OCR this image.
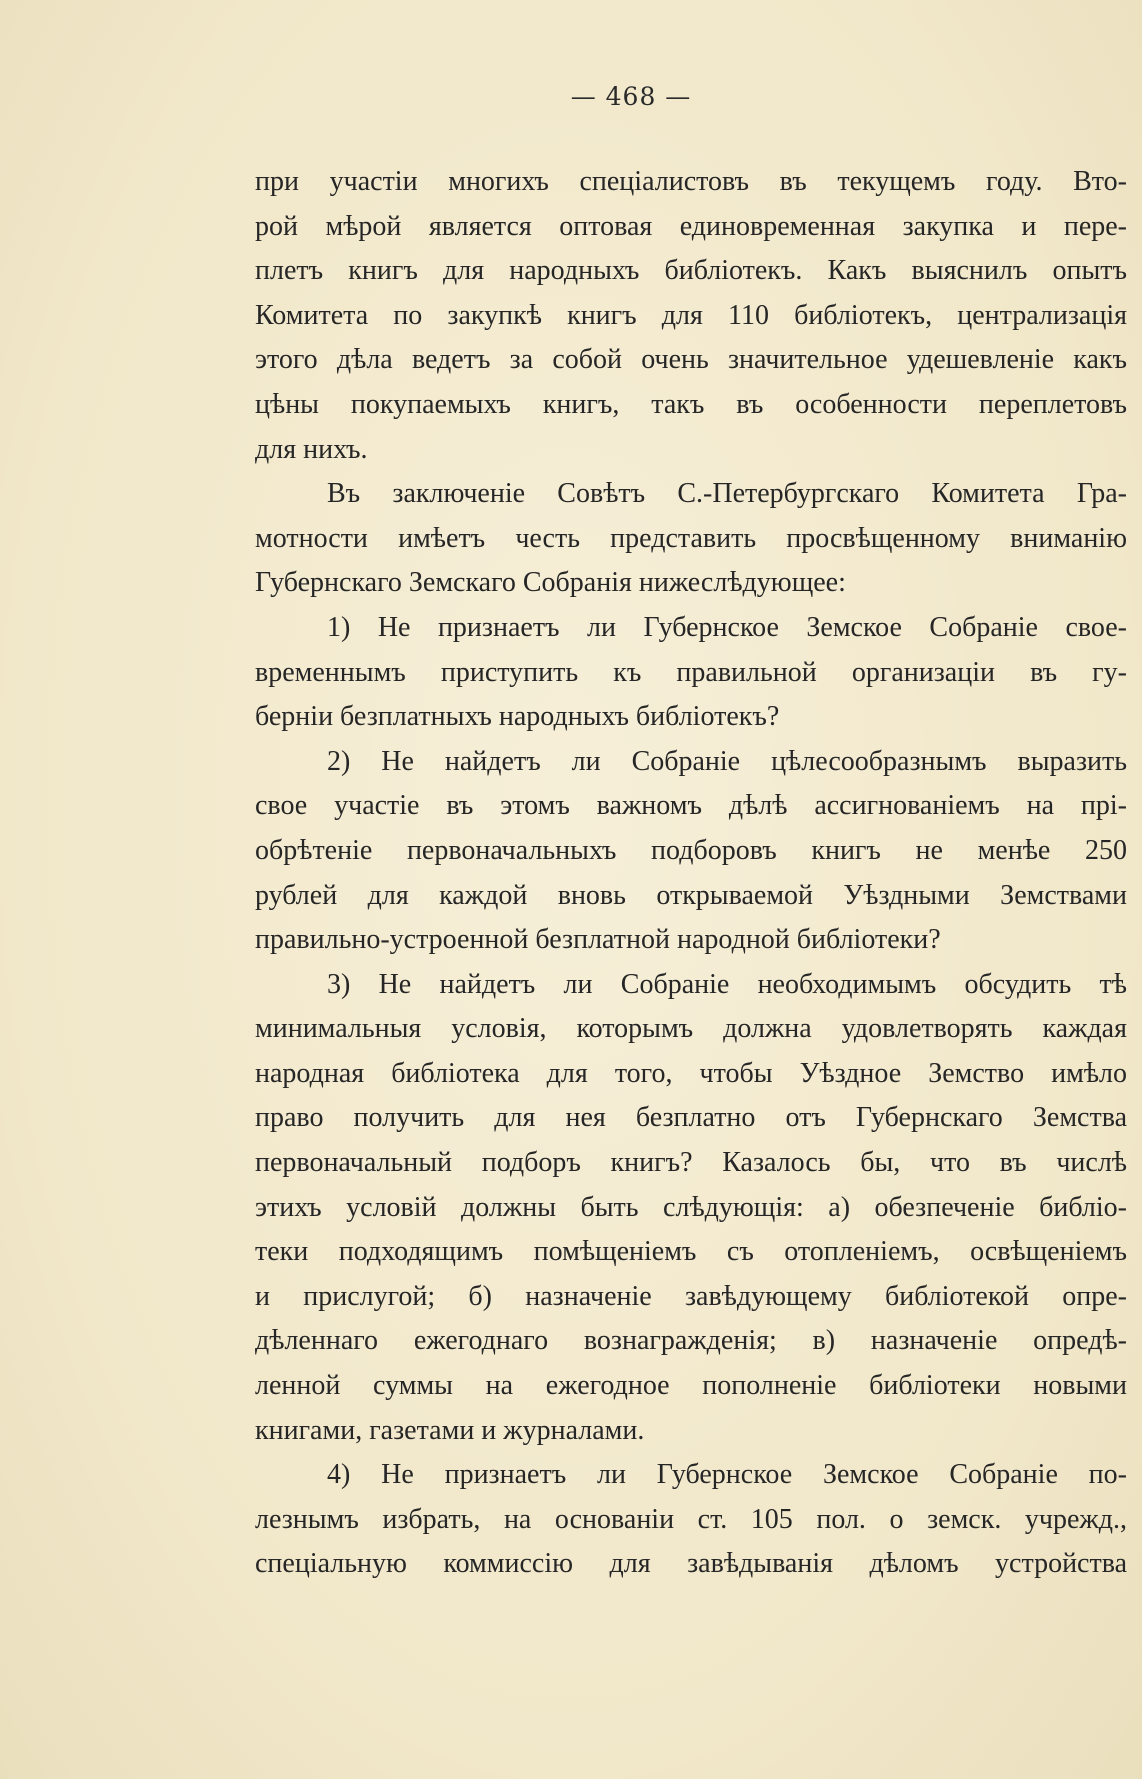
— 468 —
при участіи многихъ спеціалистовъ въ текущемъ году. Вто-
рой мѣрой является оптовая единовременная закупка и пере-
плетъ книгъ для народныхъ библіотекъ. Какъ выяснилъ опытъ
Комитета по закупкѣ книгъ для 110 библіотекъ, централизація
этого дѣла ведетъ за собой очень значительное удешевленіе какъ
цѣны покупаемыхъ книгъ, такъ въ особенности переплетовъ
для нихъ.
Въ заключеніе Совѣтъ С.-Петербургскаго Комитета Гра-
мотности имѣетъ честь представить просвѣщенному вниманію
Губернскаго Земскаго Собранія нижеслѣдующее:
1) Не признаетъ ли Губернское Земское Собраніе свое-
временнымъ приступить къ правильной организаціи въ гу-
берніи безплатныхъ народныхъ библіотекъ?
2) Не найдетъ ли Собраніе цѣлесообразнымъ выразить
свое участіе въ этомъ важномъ дѣлѣ ассигнованіемъ на прі-
обрѣтеніе первоначальныхъ подборовъ книгъ не менѣе 250
рублей для каждой вновь открываемой Уѣздными Земствами
правильно-устроенной безплатной народной библіотеки?
3) Не найдетъ ли Собраніе необходимымъ обсудить тѣ
минимальныя условія, которымъ должна удовлетворять каждая
народная библіотека для того, чтобы Уѣздное Земство имѣло
право получить для нея безплатно отъ Губернскаго Земства
первоначальный подборъ книгъ? Казалось бы, что въ числѣ
этихъ условій должны быть слѣдующія: а) обезпеченіе библіо-
теки подходящимъ помѣщеніемъ съ отопленіемъ, освѣщеніемъ
и прислугой; б) назначеніе завѣдующему библіотекой опре-
дѣленнаго ежегоднаго вознагражденія; в) назначеніе опредѣ-
ленной суммы на ежегодное пополненіе библіотеки новыми
книгами, газетами и журналами.
4) Не признаетъ ли Губернское Земское Собраніе по-
лезнымъ избрать, на основаніи ст. 105 пол. о земск. учрежд.,
спеціальную коммиссію для завѣдыванія дѣломъ устройства
